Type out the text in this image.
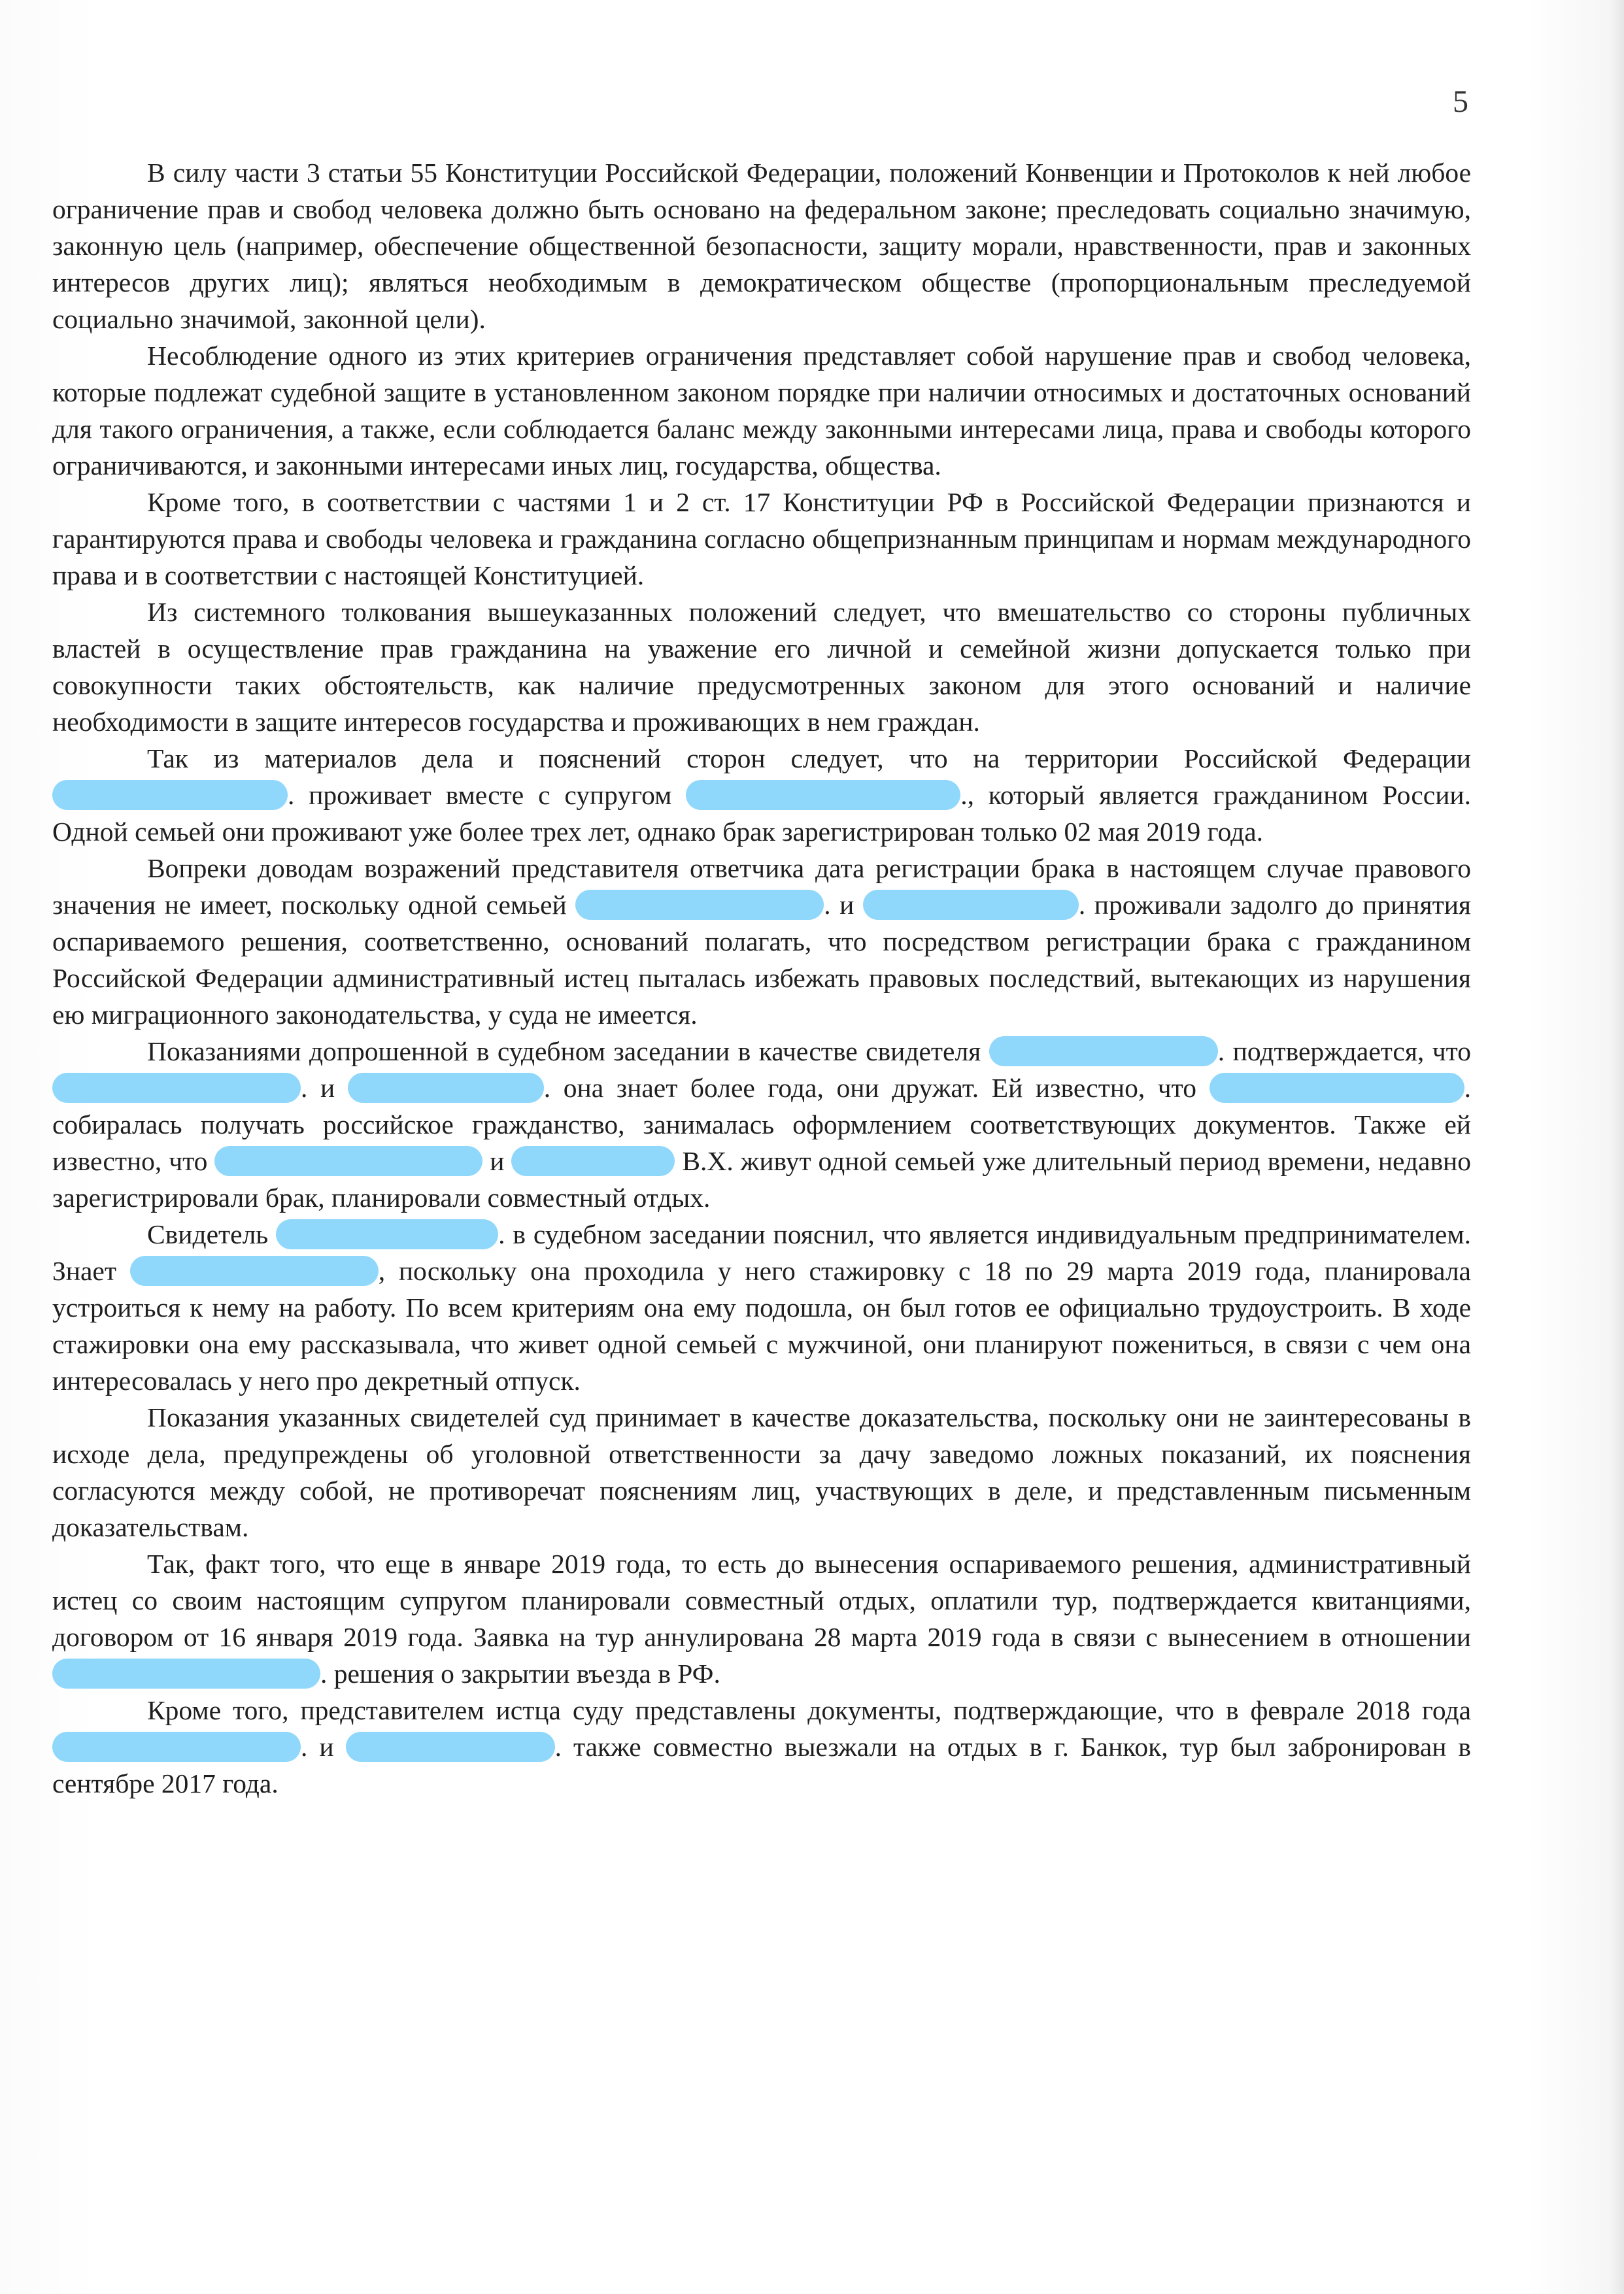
5

В силу части 3 статьи 55 Конституции Российской Федерации, положений Конвенции и Протоколов к ней любое ограничение прав и свобод человека должно быть основано на федеральном законе; преследовать социально значимую, законную цель (например, обеспечение общественной безопасности, защиту морали, нравственности, прав и законных интересов других лиц); являться необходимым в демократическом обществе (пропорциональным преследуемой социально значимой, законной цели).

Несоблюдение одного из этих критериев ограничения представляет собой нарушение прав и свобод человека, которые подлежат судебной защите в установленном законом порядке при наличии относимых и достаточных оснований для такого ограничения, а также, если соблюдается баланс между законными интересами лица, права и свободы которого ограничиваются, и законными интересами иных лиц, государства, общества.

Кроме того, в соответствии с частями 1 и 2 ст. 17 Конституции РФ в Российской Федерации признаются и гарантируются права и свободы человека и гражданина согласно общепризнанным принципам и нормам международного права и в соответствии с настоящей Конституцией.

Из системного толкования вышеуказанных положений следует, что вмешательство со стороны публичных властей в осуществление прав гражданина на уважение его личной и семейной жизни допускается только при совокупности таких обстоятельств, как наличие предусмотренных законом для этого оснований и наличие необходимости в защите интересов государства и проживающих в нем граждан.

Так из материалов дела и пояснений сторон следует, что на территории Российской Федерации . проживает вместе с супругом	., который является гражданином России. Одной семьей они проживают уже более трех лет, однако брак зарегистрирован только 02 мая 2019 года.

Вопреки доводам возражений представителя ответчика дата регистрации брака в настоящем случае правового значения не имеет, поскольку одной семьей	. и	. проживали задолго до принятия оспариваемого решения, соответственно, оснований полагать, что посредством регистрации брака с гражданином Российской Федерации административный истец пыталась избежать правовых последствий, вытекающих из нарушения ею миграционного законодательства, у суда не имеется.

Показаниями допрошенной в судебном заседании в качестве свидетеля	. подтверждается, что . и	. она знает более года, они дружат. Ей известно, что	. собиралась получать российское гражданство, занималась оформлением соответствующих документов. Также ей известно, что	и	В.Х. живут одной семьей уже длительный период времени, недавно зарегистрировали брак, планировали совместный отдых.

Свидетель	. в судебном заседании пояснил, что является индивидуальным предпринимателем. Знает	, поскольку она проходила у него стажировку с 18 по 29 марта 2019 года, планировала устроиться к нему на работу. По всем критериям она ему подошла, он был готов ее официально трудоустроить. В ходе стажировки она ему рассказывала, что живет одной семьей с мужчиной, они планируют пожениться, в связи с чем она интересовалась у него про декретный отпуск.

Показания указанных свидетелей суд принимает в качестве доказательства, поскольку они не заинтересованы в исходе дела, предупреждены об уголовной ответственности за дачу заведомо ложных показаний, их пояснения согласуются между собой, не противоречат пояснениям лиц, участвующих в деле, и представленным письменным доказательствам.

Так, факт того, что еще в январе 2019 года, то есть до вынесения оспариваемого решения, административный истец со своим настоящим супругом планировали совместный отдых, оплатили тур, подтверждается квитанциями, договором от 16 января 2019 года. Заявка на тур аннулирована 28 марта 2019 года в связи с вынесением в отношении . решения о закрытии въезда в РФ.

Кроме того, представителем истца суду представлены документы, подтверждающие, что в феврале 2018 года . и	. также совместно выезжали на отдых в г. Банкок, тур был забронирован в сентябре 2017 года.
